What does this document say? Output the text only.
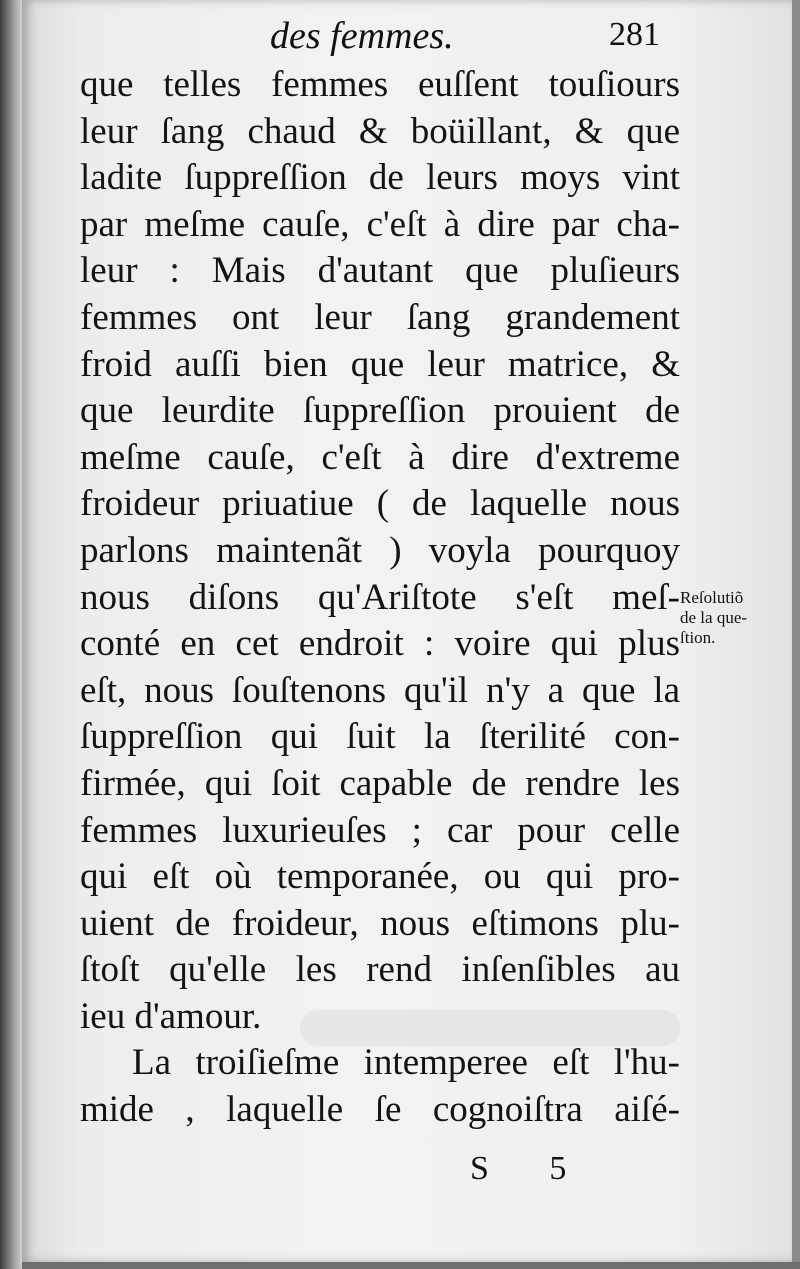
des femmes.	281
que telles femmes euſſent touſiours
leur ſang chaud & boüillant, & que
ladite ſuppreſſion de leurs moys vint
par meſme cauſe, c'eſt à dire par cha-
leur : Mais d'autant que pluſieurs
femmes ont leur ſang grandement
froid auſſi bien que leur matrice, &
que leurdite ſuppreſſion prouient de
meſme cauſe, c'eſt à dire d'extreme
froideur priuatiue ( de laquelle nous
parlons maintenãt ) voyla pourquoy
nous diſons qu'Ariſtote s'eſt meſ-
conté en cet endroit : voire qui plus
eſt, nous ſouſtenons qu'il n'y a que la
ſuppreſſion qui ſuit la ſterilité con-
firmée, qui ſoit capable de rendre les
femmes luxurieuſes ; car pour celle
qui eſt où temporanée, ou qui pro-
uient de froideur, nous eſtimons plu-
ſtoſt qu'elle les rend inſenſibles au
ieu d'amour.
La troiſieſme intemperee eſt l'hu-
mide , laquelle ſe cognoiſtra aiſé-
Reſolutiõ
de la que-
ſtion.
S 5
